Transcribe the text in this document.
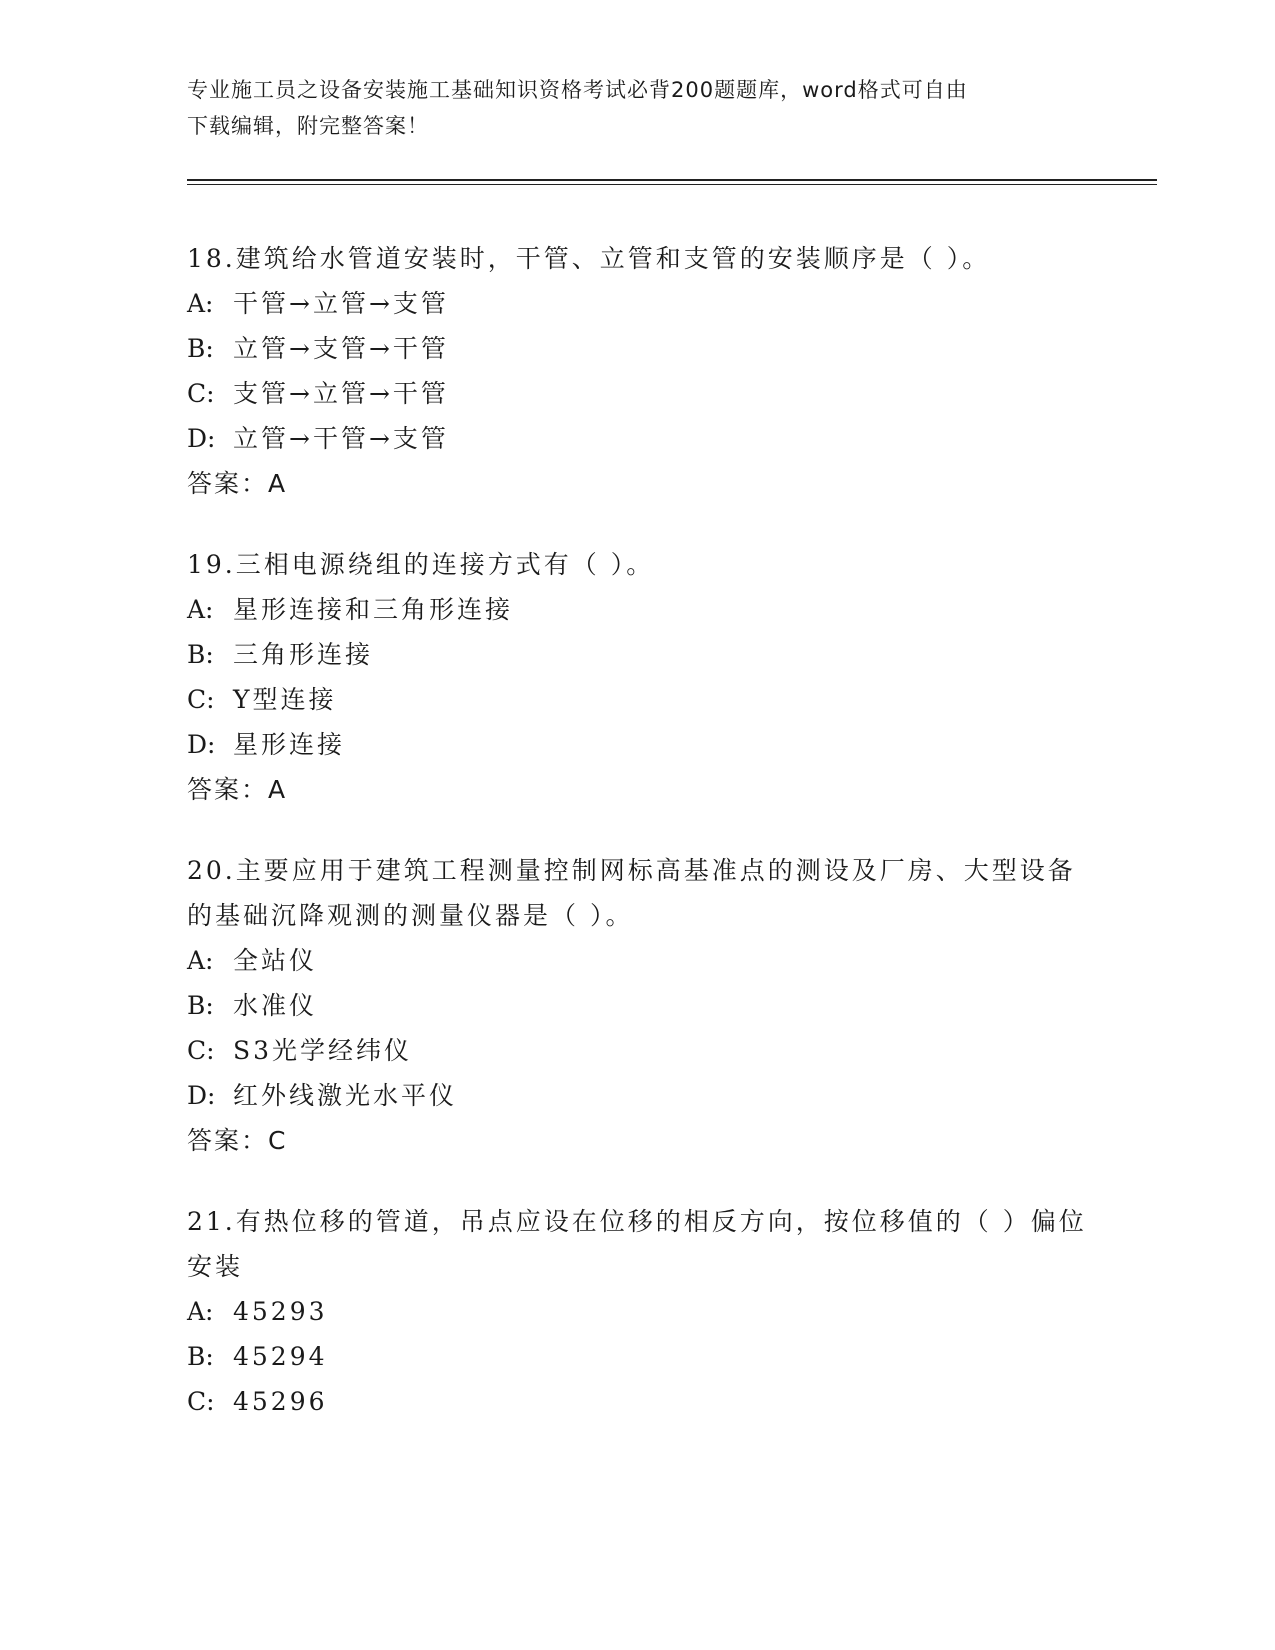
专业施工员之设备安装施工基础知识资格考试必背200题题库，word格式可自由
下载编辑，附完整答案！
18.建筑给水管道安装时，干管、立管和支管的安装顺序是（ ）。
A: 干管→立管→支管
B: 立管→支管→干管
C: 支管→立管→干管
D: 立管→干管→支管
答案：A
19.三相电源绕组的连接方式有（ ）。
A: 星形连接和三角形连接
B: 三角形连接
C: Y型连接
D: 星形连接
答案：A
20.主要应用于建筑工程测量控制网标高基准点的测设及厂房、大型设备的基础沉降观测的测量仪器是（ ）。
A: 全站仪
B: 水准仪
C: S3光学经纬仪
D: 红外线激光水平仪
答案：C
21.有热位移的管道，吊点应设在位移的相反方向，按位移值的（ ）偏位安装
A: 45293
B: 45294
C: 45296
